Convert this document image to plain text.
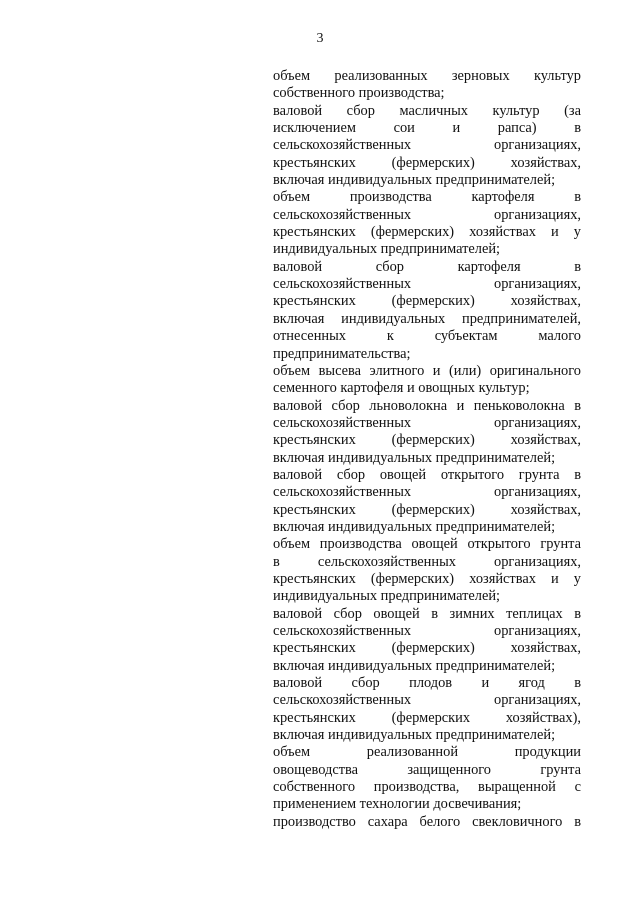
3
объем реализованных зерновых культур
собственного производства;
валовой сбор масличных культур (за
исключением сои и рапса) в
сельскохозяйственных организациях,
крестьянских (фермерских) хозяйствах,
включая индивидуальных предпринимателей;
объем производства картофеля в
сельскохозяйственных организациях,
крестьянских (фермерских) хозяйствах и у
индивидуальных предпринимателей;
валовой сбор картофеля в
сельскохозяйственных организациях,
крестьянских (фермерских) хозяйствах,
включая индивидуальных предпринимателей,
отнесенных к субъектам малого
предпринимательства;
объем высева элитного и (или) оригинального
семенного картофеля и овощных культур;
валовой сбор льноволокна и пеньковолокна в
сельскохозяйственных организациях,
крестьянских (фермерских) хозяйствах,
включая индивидуальных предпринимателей;
валовой сбор овощей открытого грунта в
сельскохозяйственных организациях,
крестьянских (фермерских) хозяйствах,
включая индивидуальных предпринимателей;
объем производства овощей открытого грунта
в сельскохозяйственных организациях,
крестьянских (фермерских) хозяйствах и у
индивидуальных предпринимателей;
валовой сбор овощей в зимних теплицах в
сельскохозяйственных организациях,
крестьянских (фермерских) хозяйствах,
включая индивидуальных предпринимателей;
валовой сбор плодов и ягод в
сельскохозяйственных организациях,
крестьянских (фермерских хозяйствах),
включая индивидуальных предпринимателей;
объем реализованной продукции
овощеводства защищенного грунта
собственного производства, выращенной с
применением технологии досвечивания;
производство сахара белого свекловичного в
